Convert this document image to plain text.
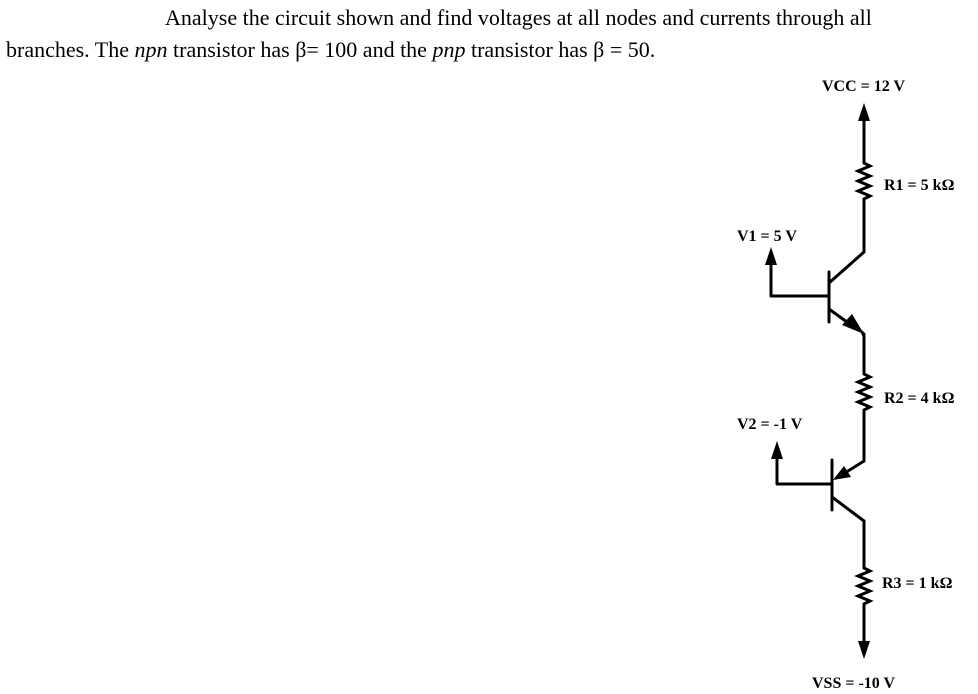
Analyse the circuit shown and find voltages at all nodes and currents through all
branches. The npn transistor has β= 100 and the pnp transistor has β = 50.
VCC = 12 V
R1 = 5 kΩ
V1 = 5 V
R2 = 4 kΩ
V2 = -1 V
R3 = 1 kΩ
VSS = -10 V
